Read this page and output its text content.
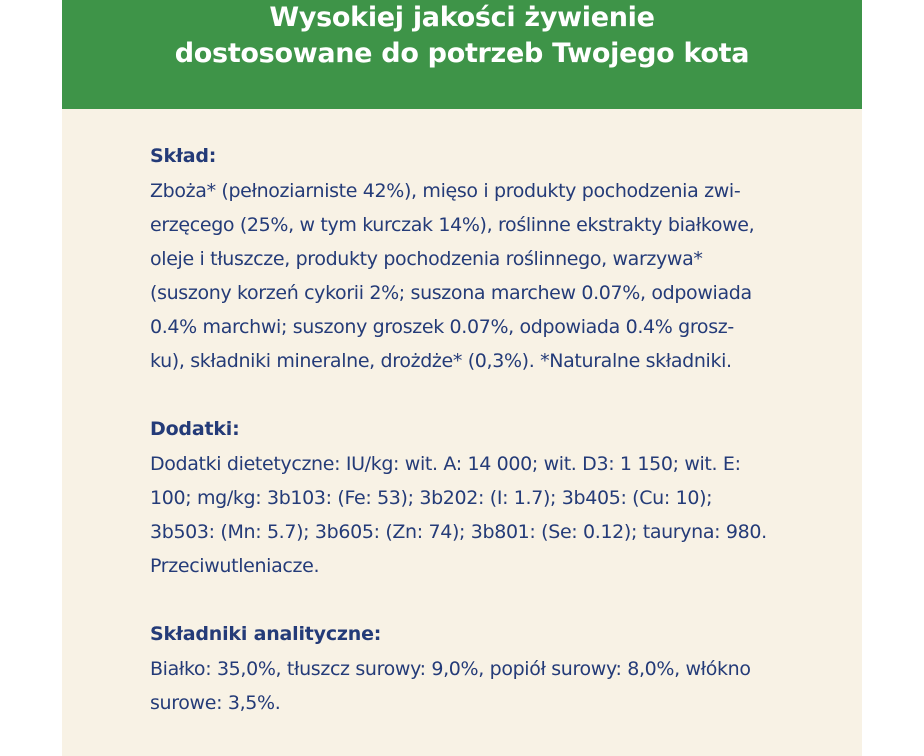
Wysokiej jakości żywienie
dostosowane do potrzeb Twojego kota
Skład:
Zboża* (pełnoziarniste 42%), mięso i produkty pochodzenia zwi-
erzęcego (25%, w tym kurczak 14%), roślinne ekstrakty białkowe,
oleje i tłuszcze, produkty pochodzenia roślinnego, warzywa*
(suszony korzeń cykorii 2%; suszona marchew 0.07%, odpowiada
0.4% marchwi; suszony groszek 0.07%, odpowiada 0.4% grosz-
ku), składniki mineralne, drożdże* (0,3%). *Naturalne składniki.
Dodatki:
Dodatki dietetyczne: IU/kg: wit. A: 14 000; wit. D3: 1 150; wit. E:
100; mg/kg: 3b103: (Fe: 53); 3b202: (I: 1.7); 3b405: (Cu: 10);
3b503: (Mn: 5.7); 3b605: (Zn: 74); 3b801: (Se: 0.12); tauryna: 980.
Przeciwutleniacze.
Składniki analityczne:
Białko: 35,0%, tłuszcz surowy: 9,0%, popiół surowy: 8,0%, włókno
surowe: 3,5%.
